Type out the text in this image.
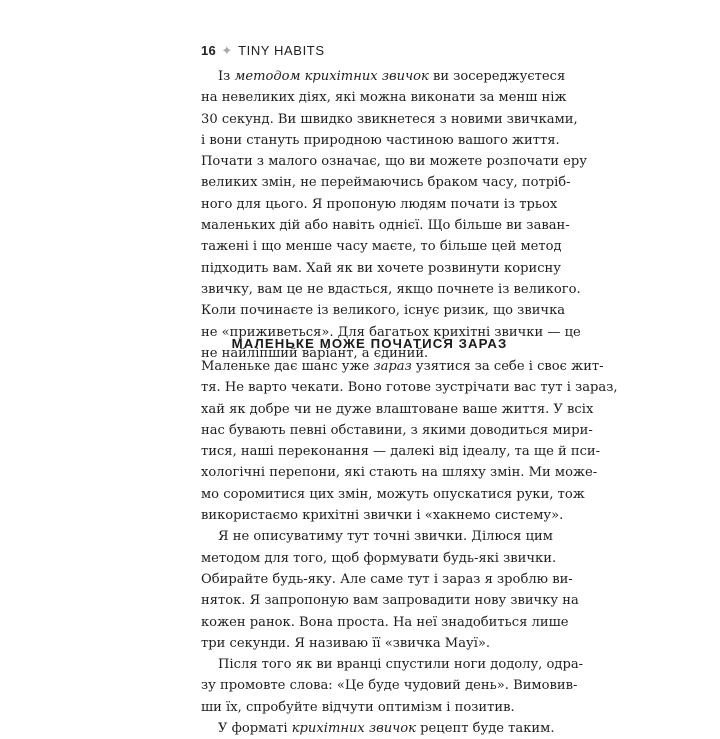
16 ✦ TINY HABITS
Із методом крихітних звичок ви зосереджуєтеся
на невеликих діях, які можна виконати за менш ніж
30 секунд. Ви швидко звикнетеся з новими звичками,
і вони стануть природною частиною вашого життя.
Почати з малого означає, що ви можете розпочати еру
великих змін, не переймаючись браком часу, потріб-
ного для цього. Я пропоную людям почати із трьох
маленьких дій або навіть однієї. Що більше ви заван-
тажені і що менше часу маєте, то більше цей метод
підходить вам. Хай як ви хочете розвинути корисну
звичку, вам це не вдасться, якщо почнете із великого.
Коли починаєте із великого, існує ризик, що звичка
не «приживеться». Для багатьох крихітні звички — це
не найліпший варіант, а єдиний.
МАЛЕНЬКЕ МОЖЕ ПОЧАТИСЯ ЗАРАЗ
Маленьке дає шанс уже зараз узятися за себе і своє жит-
тя. Не варто чекати. Воно готове зустрічати вас тут і зараз,
хай як добре чи не дуже влаштоване ваше життя. У всіх
нас бувають певні обставини, з якими доводиться мири-
тися, наші переконання — далекі від ідеалу, та ще й пси-
хологічні перепони, які стають на шляху змін. Ми може-
мо соромитися цих змін, можуть опускатися руки, тож
використаємо крихітні звички і «хакнемо систему».
Я не описуватиму тут точні звички. Ділюся цим
методом для того, щоб формувати будь-які звички.
Обирайте будь-яку. Але саме тут і зараз я зроблю ви-
няток. Я запропоную вам запровадити нову звичку на
кожен ранок. Вона проста. На неї знадобиться лише
три секунди. Я називаю її «звичка Мауї».
Після того як ви вранці спустили ноги додолу, одра-
зу промовте слова: «Це буде чудовий день». Вимовив-
ши їх, спробуйте відчути оптимізм і позитив.
У форматі крихітних звичок рецепт буде таким.
